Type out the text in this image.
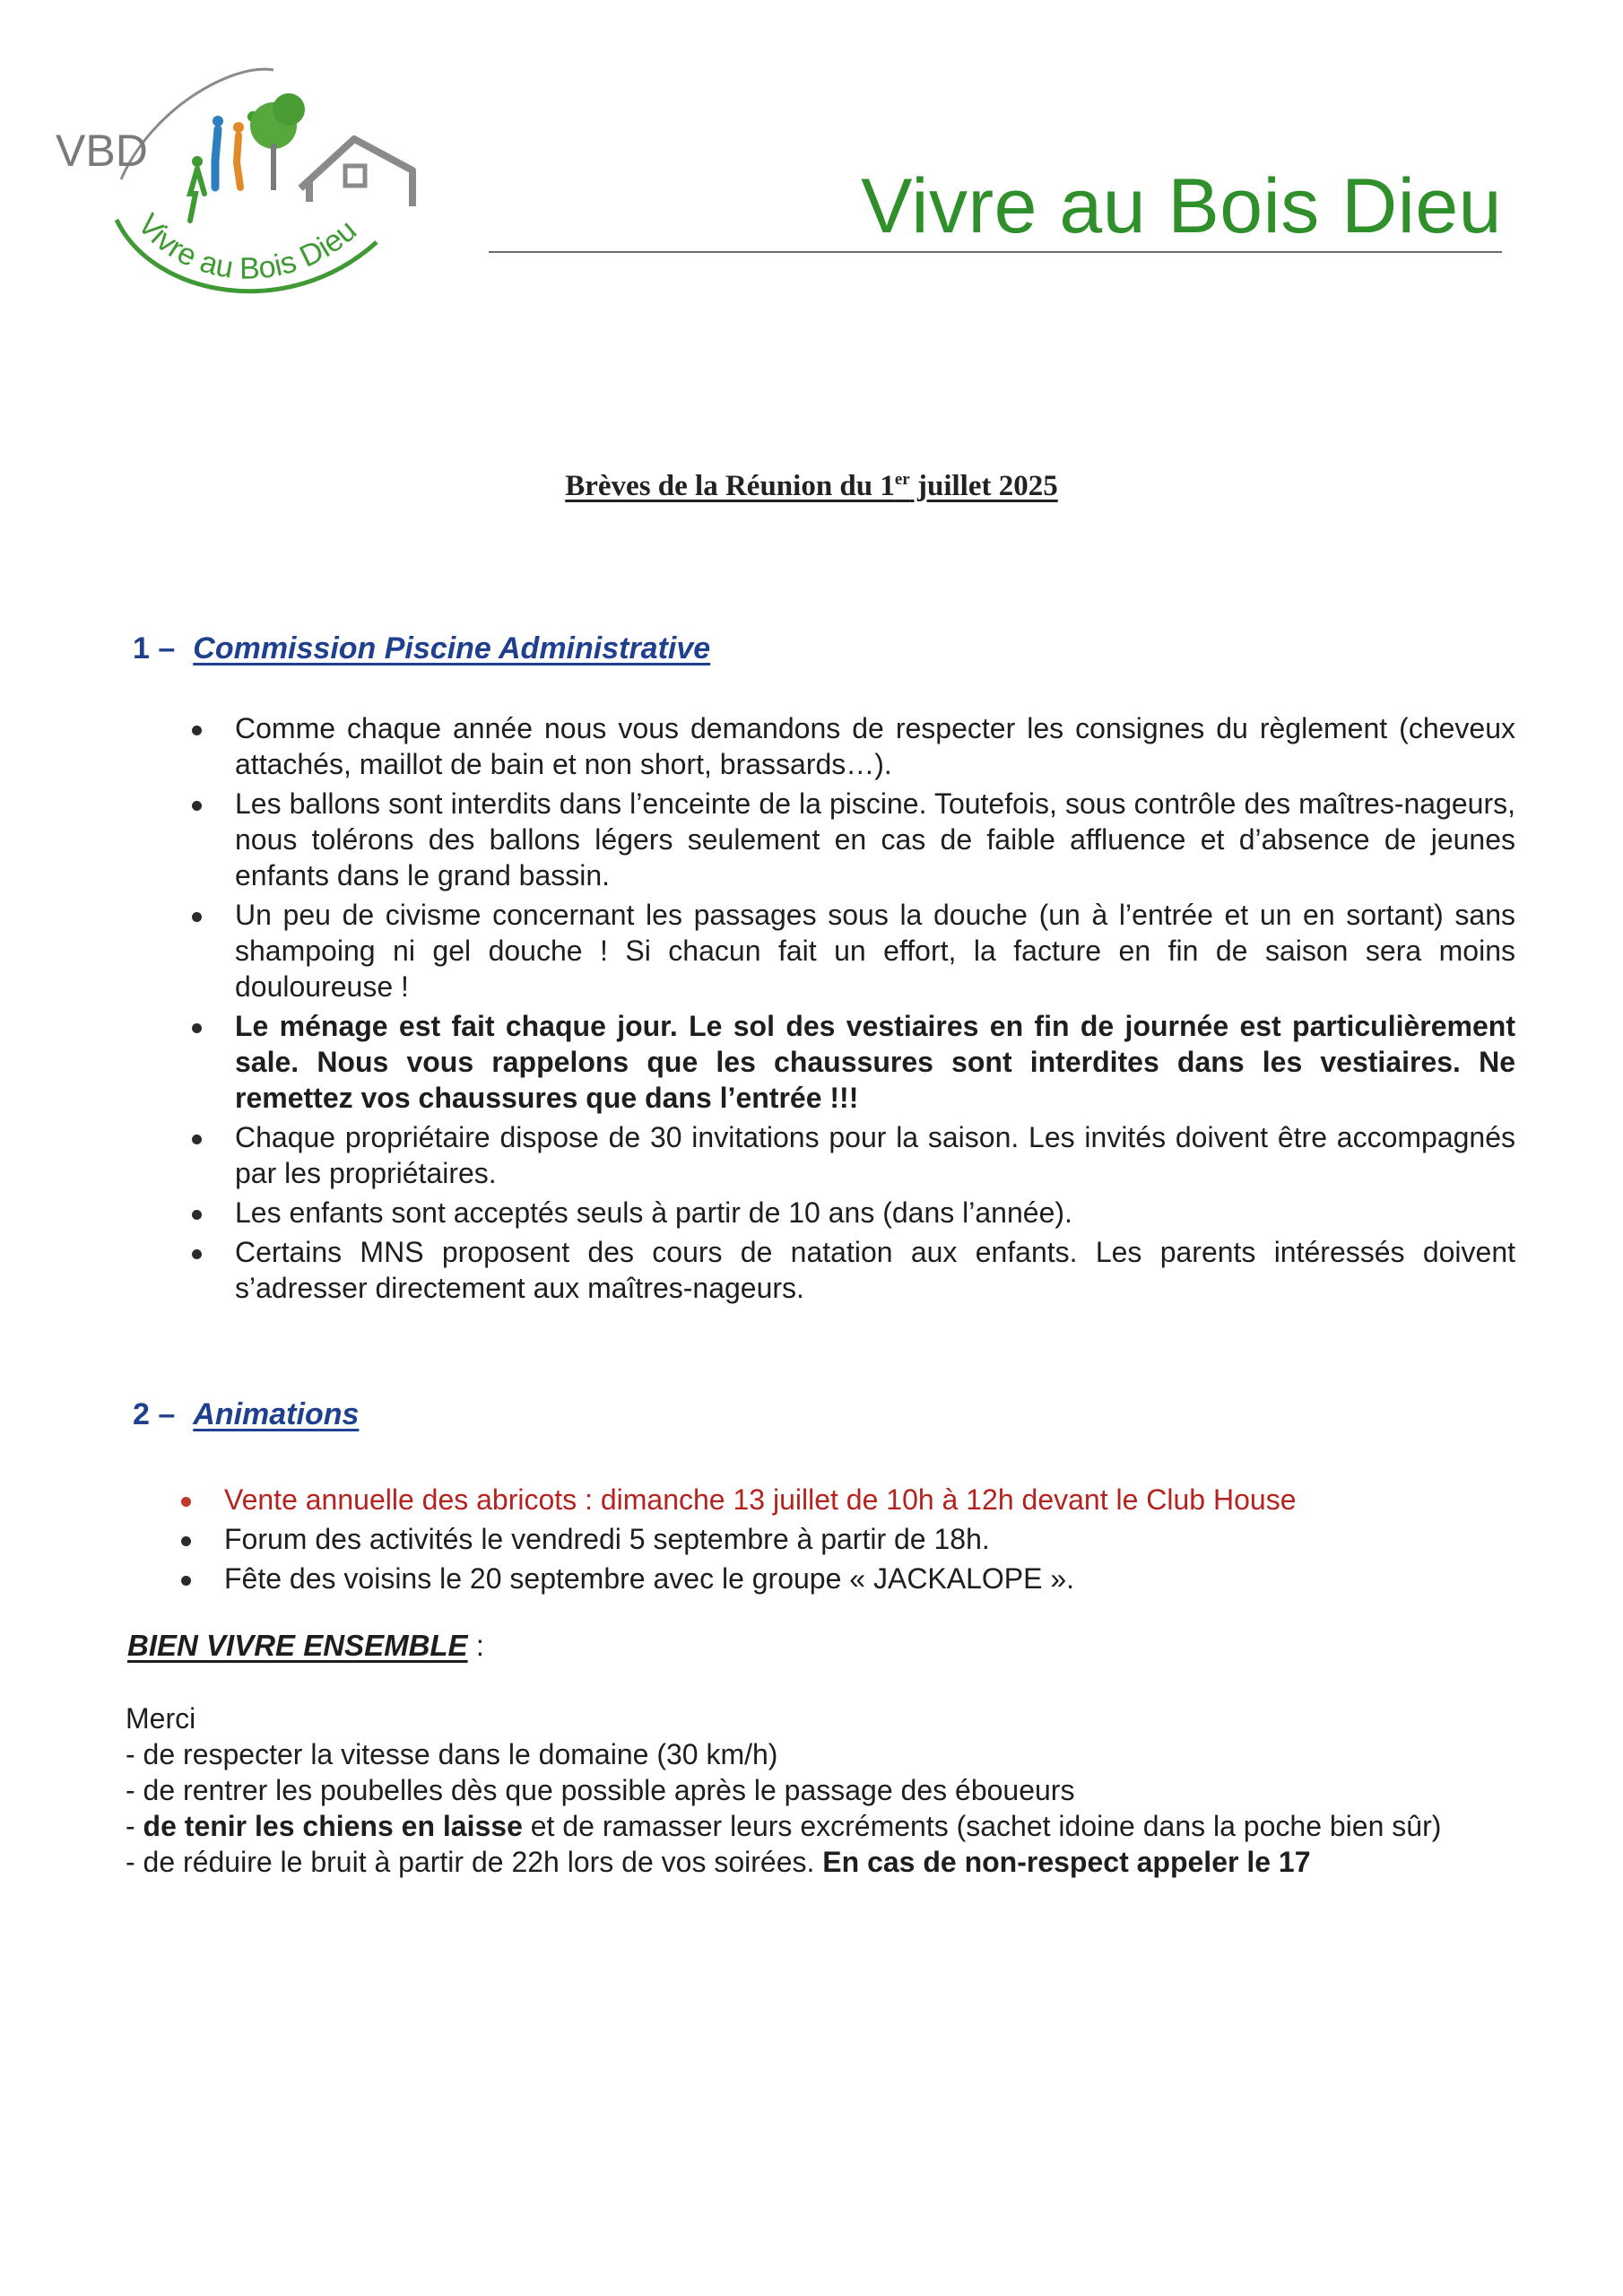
VBD
Vivre au Bois Dieu	Vivre au Bois Dieu
Brèves de la Réunion du 1er juillet 2025
1 – Commission Piscine Administrative
Comme chaque année nous vous demandons de respecter les consignes du règlement (cheveux attachés, maillot de bain et non short, brassards…).
Les ballons sont interdits dans l’enceinte de la piscine. Toutefois, sous contrôle des maîtres-nageurs, nous tolérons des ballons légers seulement en cas de faible affluence et d’absence de jeunes enfants dans le grand bassin.
Un peu de civisme concernant les passages sous la douche (un à l’entrée et un en sortant) sans shampoing ni gel douche ! Si chacun fait un effort, la facture en fin de saison sera moins douloureuse !
Le ménage est fait chaque jour. Le sol des vestiaires en fin de journée est particulièrement sale. Nous vous rappelons que les chaussures sont interdites dans les vestiaires. Ne remettez vos chaussures que dans l’entrée !!!
Chaque propriétaire dispose de 30 invitations pour la saison. Les invités doivent être accompagnés par les propriétaires.
Les enfants sont acceptés seuls à partir de 10 ans (dans l’année).
Certains MNS proposent des cours de natation aux enfants. Les parents intéressés doivent s’adresser directement aux maîtres-nageurs.
2 – Animations
Vente annuelle des abricots : dimanche 13 juillet de 10h à 12h devant le Club House
Forum des activités le vendredi 5 septembre à partir de 18h.
Fête des voisins le 20 septembre avec le groupe « JACKALOPE ».
BIEN VIVRE ENSEMBLE :

Merci

- de respecter la vitesse dans le domaine (30 km/h)

- de rentrer les poubelles dès que possible après le passage des éboueurs

- de tenir les chiens en laisse et de ramasser leurs excréments (sachet idoine dans la poche bien sûr)

- de réduire le bruit à partir de 22h lors de vos soirées. En cas de non-respect appeler le 17
